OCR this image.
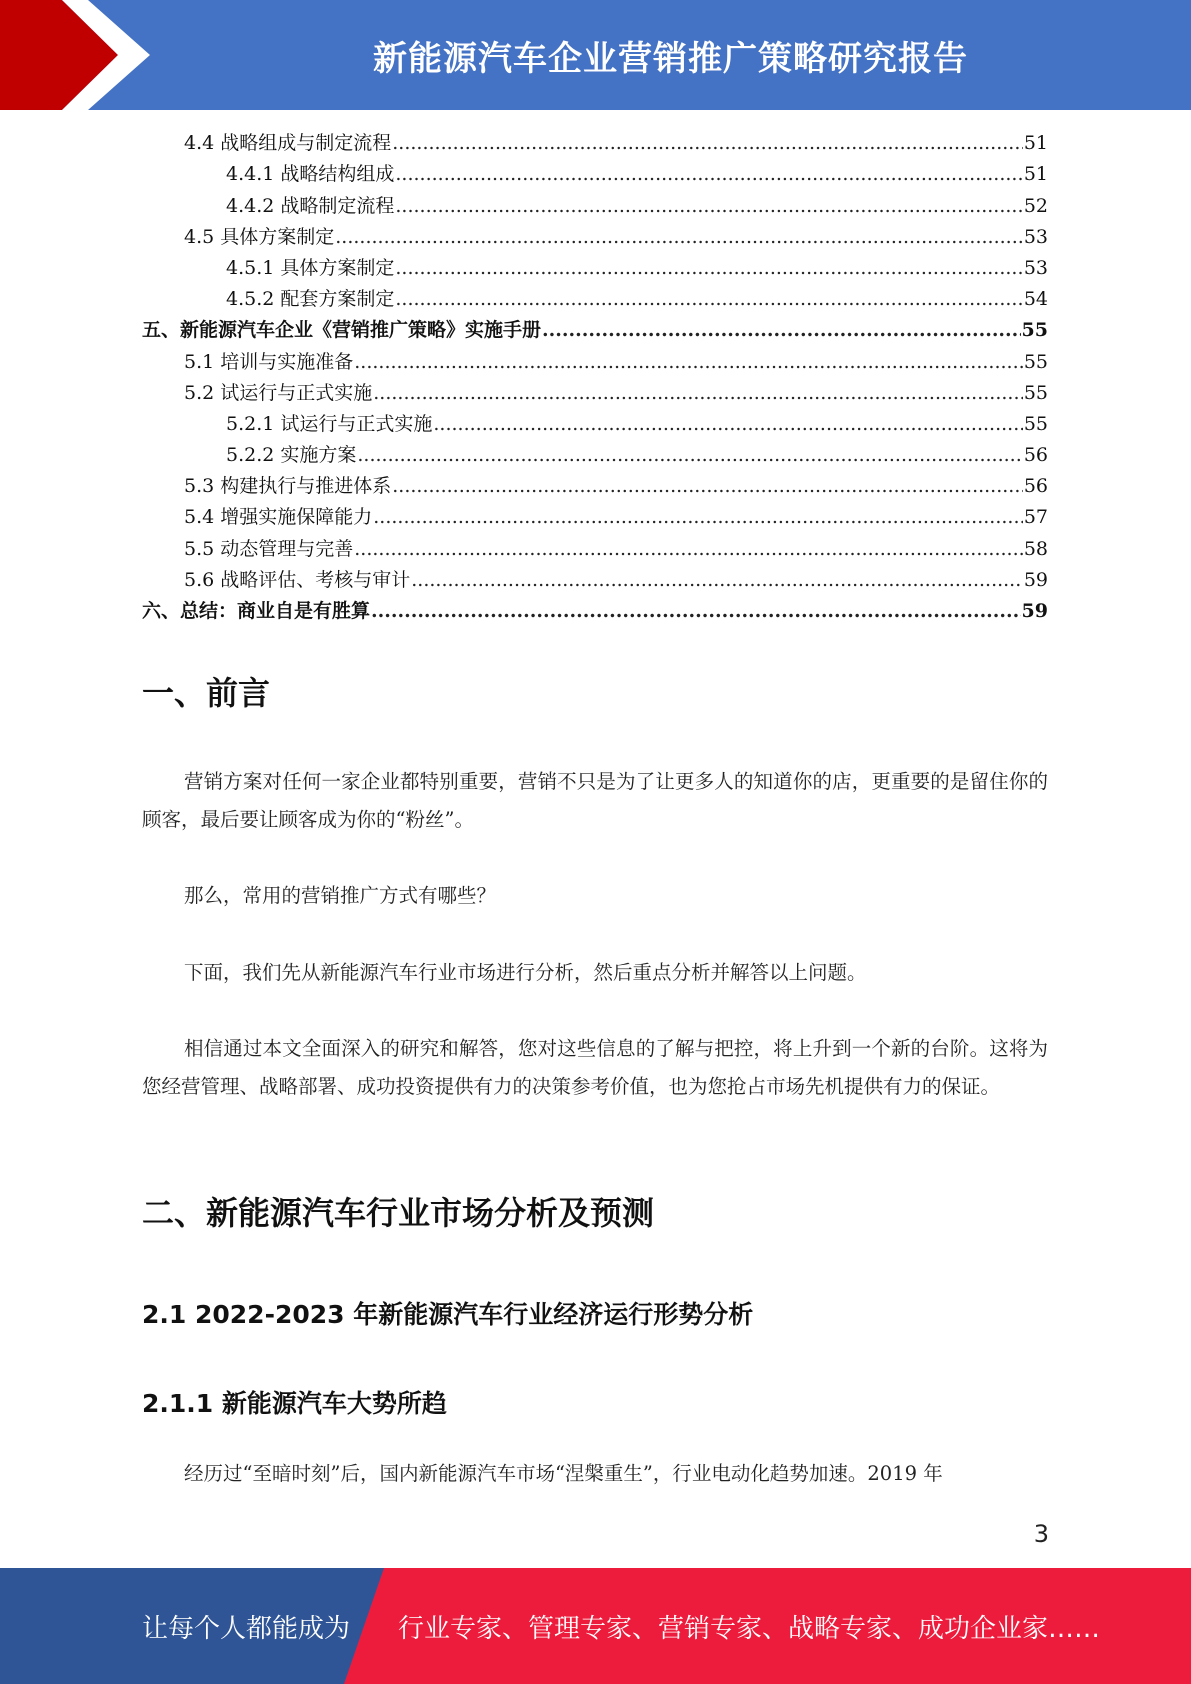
新能源汽车企业营销推广策略研究报告
4.4 战略组成与制定流程 .....	51
4.4.1 战略结构组成 .....	51
4.4.2 战略制定流程 .....	52
4.5 具体方案制定 .....	53
4.5.1 具体方案制定 .....	53
4.5.2 配套方案制定 .....	54
五、新能源汽车企业《营销推广策略》实施手册 .....	55
5.1 培训与实施准备 .....	55
5.2 试运行与正式实施 .....	55
5.2.1 试运行与正式实施 .....	55
5.2.2 实施方案 .....	56
5.3 构建执行与推进体系 .....	56
5.4 增强实施保障能力 .....	57
5.5 动态管理与完善 .....	58
5.6 战略评估、考核与审计 .....	59
六、总结：商业自是有胜算 .....	59
一、前言
营销方案对任何一家企业都特别重要，营销不只是为了让更多人的知道你的店，更重要的是留住你的顾客，最后要让顾客成为你的“粉丝”。
那么，常用的营销推广方式有哪些？
下面，我们先从新能源汽车行业市场进行分析，然后重点分析并解答以上问题。
相信通过本文全面深入的研究和解答，您对这些信息的了解与把控，将上升到一个新的台阶。这将为您经营管理、战略部署、成功投资提供有力的决策参考价值，也为您抢占市场先机提供有力的保证。
二、新能源汽车行业市场分析及预测
2.1 2022-2023 年新能源汽车行业经济运行形势分析
2.1.1 新能源汽车大势所趋
经历过“至暗时刻”后，国内新能源汽车市场“涅槃重生”，行业电动化趋势加速。2019 年
3
让每个人都能成为 行业专家、管理专家、营销专家、战略专家、成功企业家……
